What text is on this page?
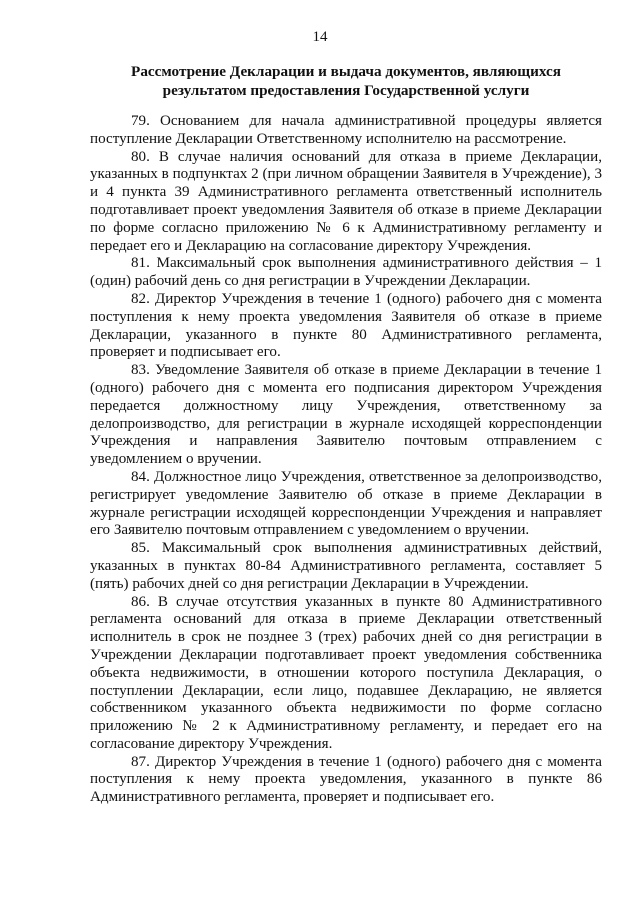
14
Рассмотрение Декларации и выдача документов, являющихся
результатом предоставления Государственной услуги

79. Основанием для начала административной процедуры является поступление Декларации Ответственному исполнителю на рассмотрение.

80. В случае наличия оснований для отказа в приеме Декларации, указанных в подпунктах 2 (при личном обращении Заявителя в Учреждение), 3 и 4 пункта 39 Административного регламента ответственный исполнитель подготавливает проект уведомления Заявителя об отказе в приеме Декларации по форме согласно приложению № 6 к Административному регламенту и передает его и Декларацию на согласование директору Учреждения.

81. Максимальный срок выполнения административного действия – 1 (один) рабочий день со дня регистрации в Учреждении Декларации.

82. Директор Учреждения в течение 1 (одного) рабочего дня с момента поступления к нему проекта уведомления Заявителя об отказе в приеме Декларации, указанного в пункте 80 Административного регламента, проверяет и подписывает его.

83. Уведомление Заявителя об отказе в приеме Декларации в течение 1 (одного) рабочего дня с момента его подписания директором Учреждения передается должностному лицу Учреждения, ответственному за делопроизводство, для регистрации в журнале исходящей корреспонденции Учреждения и направления Заявителю почтовым отправлением с уведомлением о вручении.

84. Должностное лицо Учреждения, ответственное за делопроизводство, регистрирует уведомление Заявителю об отказе в приеме Декларации в журнале регистрации исходящей корреспонденции Учреждения и направляет его Заявителю почтовым отправлением с уведомлением о вручении.

85. Максимальный срок выполнения административных действий, указанных в пунктах 80-84 Административного регламента, составляет 5 (пять) рабочих дней со дня регистрации Декларации в Учреждении.

86. В случае отсутствия указанных в пункте 80 Административного регламента оснований для отказа в приеме Декларации ответственный исполнитель в срок не позднее 3 (трех) рабочих дней со дня регистрации в Учреждении Декларации подготавливает проект уведомления собственника объекта недвижимости, в отношении которого поступила Декларация, о поступлении Декларации, если лицо, подавшее Декларацию, не является собственником указанного объекта недвижимости по форме согласно приложению № 2 к Административному регламенту, и передает его на согласование директору Учреждения.

87. Директор Учреждения в течение 1 (одного) рабочего дня с момента поступления к нему проекта уведомления, указанного в пункте 86 Административного регламента, проверяет и подписывает его.
